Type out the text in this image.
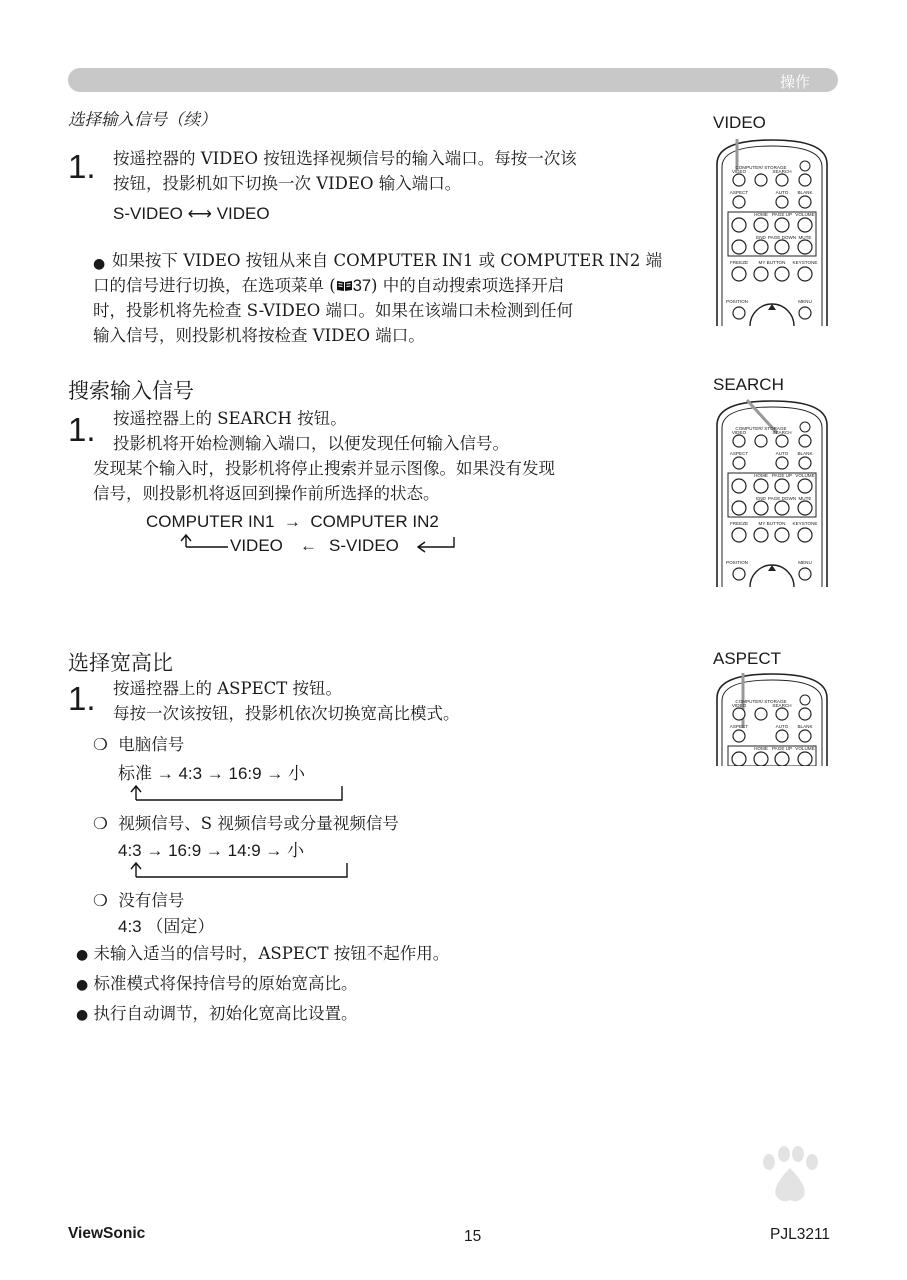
操作
选择输入信号（续）
1. 按遥控器的 VIDEO 按钮选择视频信号的输入端口。每按一次该
按钮，投影机如下切换一次 VIDEO 输入端口。
S-VIDEO ⟷ VIDEO
● 如果按下 VIDEO 按钮从来自 COMPUTER IN1 或 COMPUTER IN2 端
口的信号进行切换，在选项菜单 ( 37) 中的自动搜索项选择开启
时，投影机将先检查 S-VIDEO 端口。如果在该端口未检测到任何
输入信号，则投影机将按检查 VIDEO 端口。
搜索输入信号
1. 按遥控器上的 SEARCH 按钮。
投影机将开始检测输入端口，以便发现任何输入信号。
发现某个输入时，投影机将停止搜索并显示图像。如果没有发现
信号，则投影机将返回到操作前所选择的状态。
COMPUTER IN1  →  COMPUTER IN2
VIDEO ← S-VIDEO
选择宽高比
1. 按遥控器上的 ASPECT 按钮。
每按一次该按钮，投影机依次切换宽高比模式。
❍ 电脑信号
标准 → 4:3 → 16:9 → 小
❍ 视频信号、S 视频信号或分量视频信号
4:3 → 16:9 → 14:9 → 小
❍ 没有信号
4:3 （固定）
● 未输入适当的信号时，ASPECT 按钮不起作用。
● 标准模式将保持信号的原始宽高比。
● 执行自动调节，初始化宽高比设置。
VIDEO
SEARCH
ASPECT
VIDEO
COMPUTER/ STORAGE
SEARCH
ASPECT	AUTO BLANK
HOME PAGE UP VOLUME
END PAGE DOWN MUTE
FREEZE MY BUTTON KEYSTONE
POSITION	MENU
VIDEO
COMPUTER/ STORAGE
SEARCH
ASPECT	AUTO BLANK
HOME PAGE UP VOLUME
END PAGE DOWN MUTE
FREEZE MY BUTTON KEYSTONE
POSITION	MENU
VIDEO
COMPUTER/ STORAGE
SEARCH
ASPECT	AUTO BLANK
HOME PAGE UP VOLUME
ViewSonic	15	PJL3211
